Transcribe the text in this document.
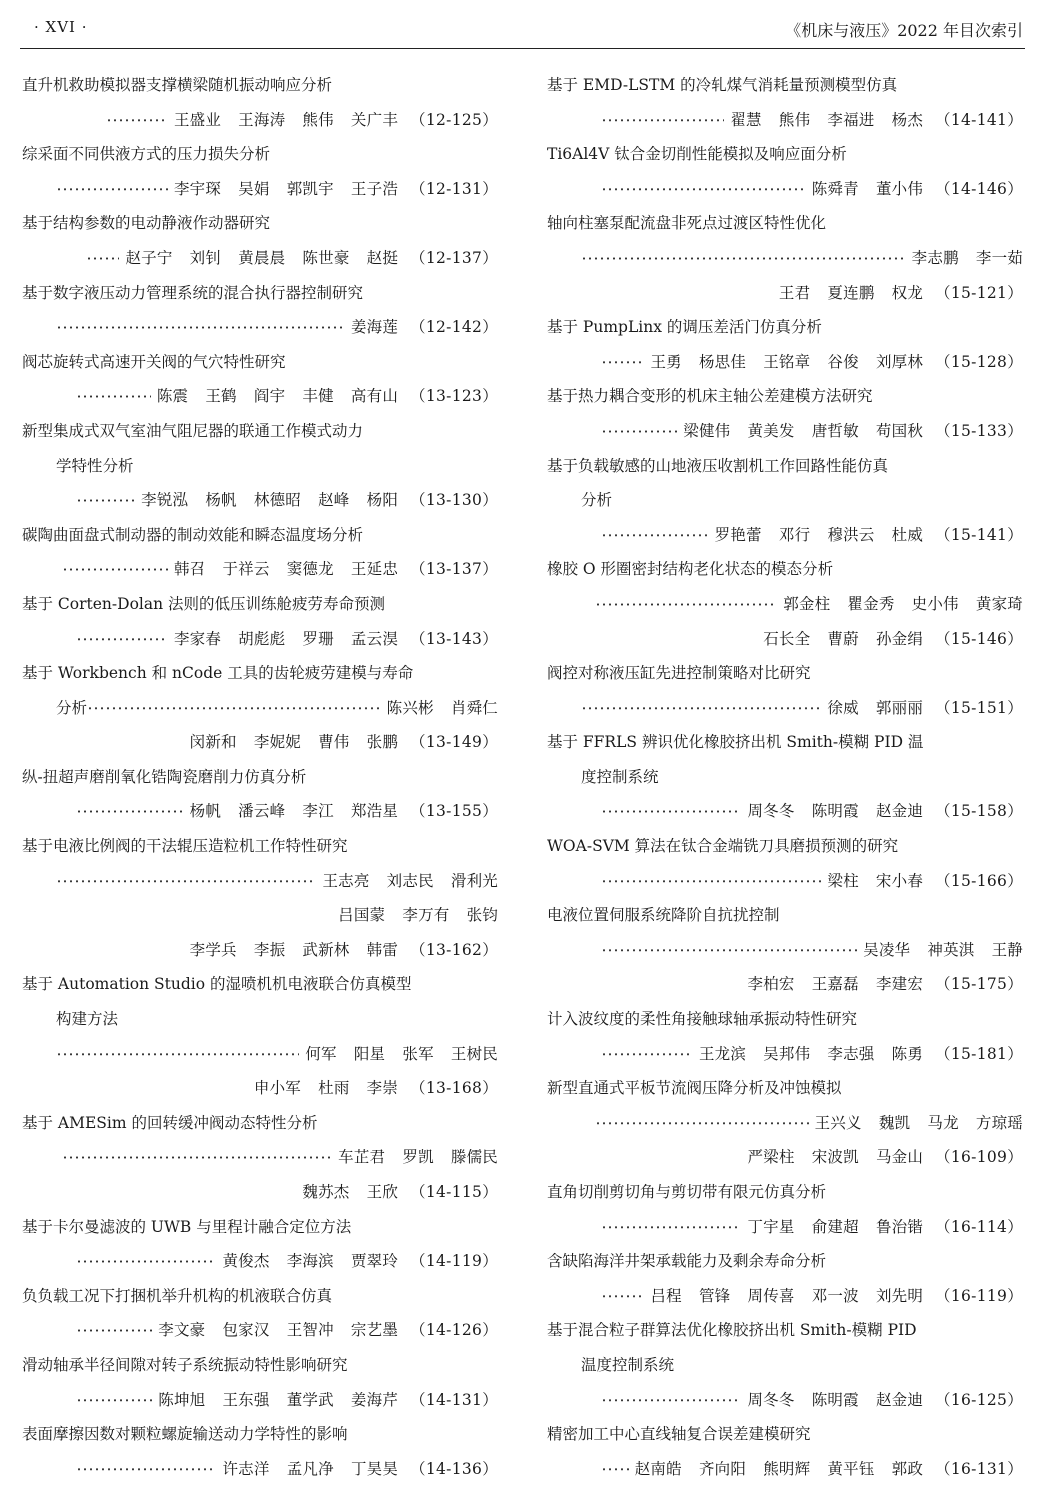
· XVI ·	《机床与液压》2022 年目次索引
直升机救助模拟器支撑横梁随机振动响应分析
王盛业 王海涛 熊伟 关广丰 （12-125）
综采面不同供液方式的压力损失分析
李宇琛 吴娟 郭凯宇 王子浩 （12-131）
基于结构参数的电动静液作动器研究
赵子宁 刘钊 黄晨晨 陈世豪 赵挺 （12-137）
基于数字液压动力管理系统的混合执行器控制研究
姜海莲 （12-142）
阀芯旋转式高速开关阀的气穴特性研究
陈震 王鹤 阎宇 丰健 高有山 （13-123）
新型集成式双气室油气阻尼器的联通工作模式动力
学特性分析
李锐泓 杨帆 林德昭 赵峰 杨阳 （13-130）
碳陶曲面盘式制动器的制动效能和瞬态温度场分析
韩召 于祥云 窦德龙 王延忠 （13-137）
基于 Corten-Dolan 法则的低压训练舱疲劳寿命预测
李家春 胡彪彪 罗珊 孟云淏 （13-143）
基于 Workbench 和 nCode 工具的齿轮疲劳建模与寿命
分析	陈兴彬 肖舜仁
闵新和 李妮妮 曹伟 张鹏 （13-149）
纵-扭超声磨削氧化锆陶瓷磨削力仿真分析
杨帆 潘云峰 李江 郑浩星 （13-155）
基于电液比例阀的干法辊压造粒机工作特性研究
王志亮 刘志民 滑利光
吕国蒙 李万有 张钧
李学兵 李振 武新林 韩雷 （13-162）
基于 Automation Studio 的湿喷机机电液联合仿真模型
构建方法
何军 阳星 张军 王树民
申小军 杜雨 李崇 （13-168）
基于 AMESim 的回转缓冲阀动态特性分析
车芷君 罗凯 滕儒民
魏苏杰 王欣 （14-115）
基于卡尔曼滤波的 UWB 与里程计融合定位方法
黄俊杰 李海滨 贾翠玲 （14-119）
负负载工况下打捆机举升机构的机液联合仿真
李文豪 包家汉 王智冲 宗艺墨 （14-126）
滑动轴承半径间隙对转子系统振动特性影响研究
陈坤旭 王东强 董学武 姜海芹 （14-131）
表面摩擦因数对颗粒螺旋输送动力学特性的影响
许志洋 孟凡净 丁昊昊 （14-136）
基于 EMD-LSTM 的冷轧煤气消耗量预测模型仿真
翟慧 熊伟 李福进 杨杰 （14-141）
Ti6Al4V 钛合金切削性能模拟及响应面分析
陈舜青 董小伟 （14-146）
轴向柱塞泵配流盘非死点过渡区特性优化
李志鹏 李一茹
王君 夏连鹏 权龙 （15-121）
基于 PumpLinx 的调压差活门仿真分析
王勇 杨思佳 王铭章 谷俊 刘厚林 （15-128）
基于热力耦合变形的机床主轴公差建模方法研究
梁健伟 黄美发 唐哲敏 苟国秋 （15-133）
基于负载敏感的山地液压收割机工作回路性能仿真
分析
罗艳蕾 邓行 穆洪云 杜威 （15-141）
橡胶 O 形圈密封结构老化状态的模态分析
郭金柱 瞿金秀 史小伟 黄家琦
石长全 曹蔚 孙金绢 （15-146）
阀控对称液压缸先进控制策略对比研究
徐威 郭丽丽 （15-151）
基于 FFRLS 辨识优化橡胶挤出机 Smith-模糊 PID 温
度控制系统
周冬冬 陈明霞 赵金迪 （15-158）
WOA-SVM 算法在钛合金端铣刀具磨损预测的研究
梁柱 宋小春 （15-166）
电液位置伺服系统降阶自抗扰控制
吴凌华 神英淇 王静
李柏宏 王嘉磊 李建宏 （15-175）
计入波纹度的柔性角接触球轴承振动特性研究
王龙滨 吴邦伟 李志强 陈勇 （15-181）
新型直通式平板节流阀压降分析及冲蚀模拟
王兴义 魏凯 马龙 方琼瑶
严梁柱 宋波凯 马金山 （16-109）
直角切削剪切角与剪切带有限元仿真分析
丁宇星 俞建超 鲁治锴 （16-114）
含缺陷海洋井架承载能力及剩余寿命分析
吕程 管锋 周传喜 邓一波 刘先明 （16-119）
基于混合粒子群算法优化橡胶挤出机 Smith-模糊 PID
温度控制系统
周冬冬 陈明霞 赵金迪 （16-125）
精密加工中心直线轴复合误差建模研究
赵南皓 齐向阳 熊明辉 黄平钰 郭政 （16-131）
